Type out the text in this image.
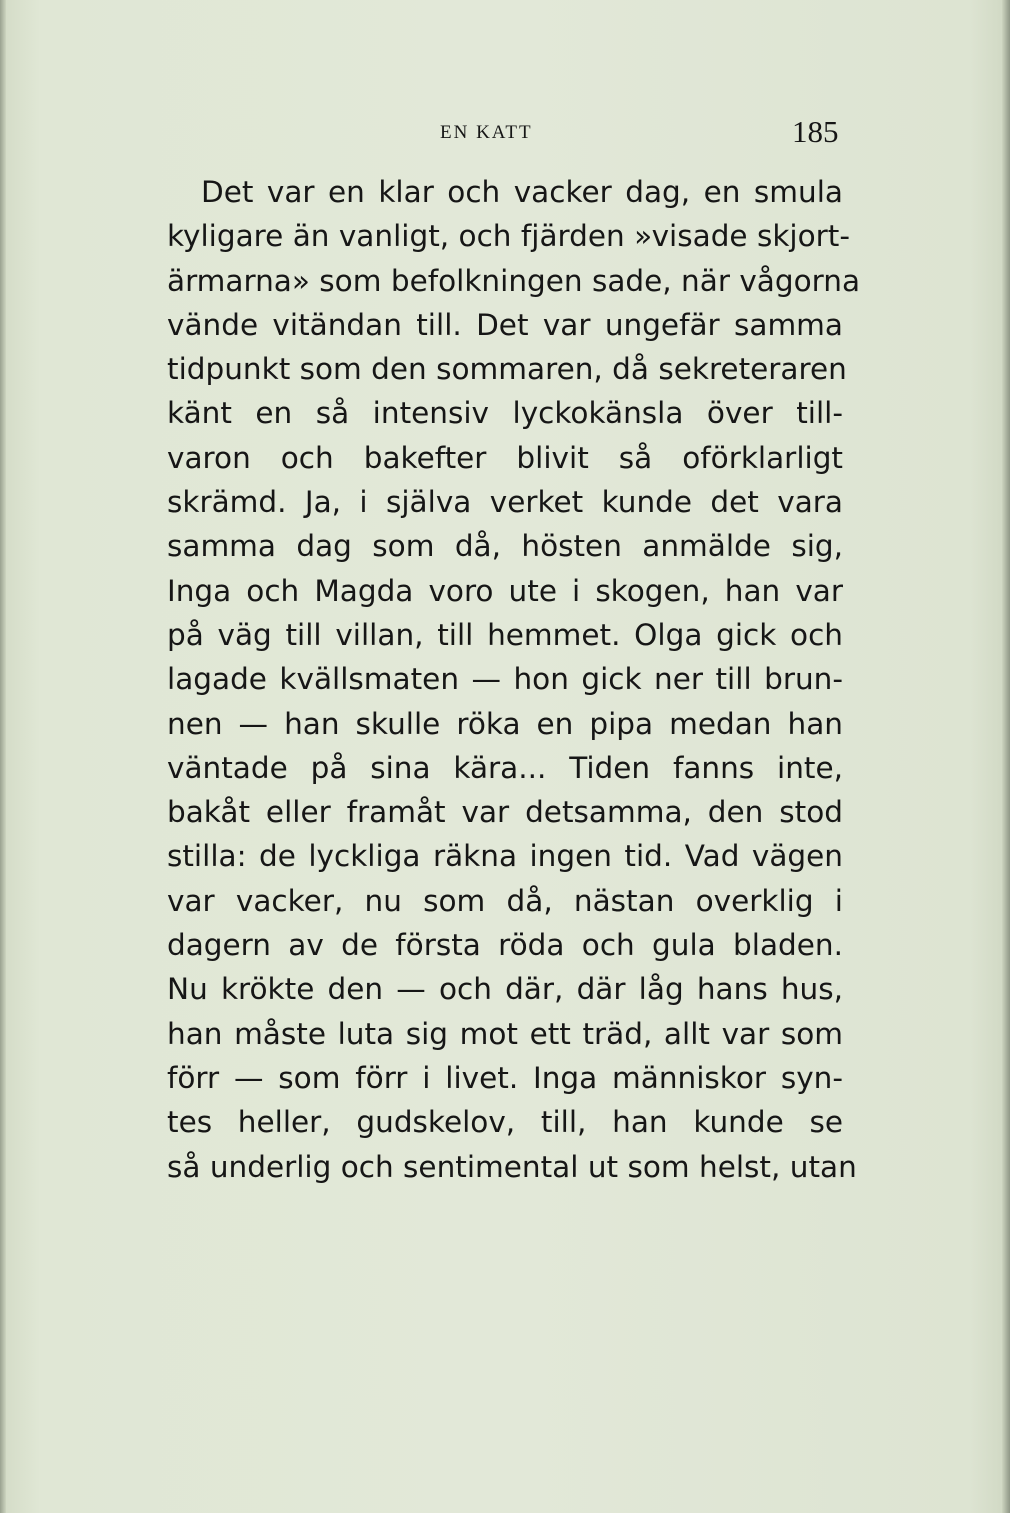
EN KATT	185
Det var en klar och vacker dag, en smula
kyligare än vanligt, och fjärden »visade skjort-
ärmarna» som befolkningen sade, när vågorna
vände vitändan till. Det var ungefär samma
tidpunkt som den sommaren, då sekreteraren
känt en så intensiv lyckokänsla över till-
varon och bakefter blivit så oförklarligt
skrämd. Ja, i själva verket kunde det vara
samma dag som då, hösten anmälde sig,
Inga och Magda voro ute i skogen, han var
på väg till villan, till hemmet. Olga gick och
lagade kvällsmaten — hon gick ner till brun-
nen — han skulle röka en pipa medan han
väntade på sina kära... Tiden fanns inte,
bakåt eller framåt var detsamma, den stod
stilla: de lyckliga räkna ingen tid. Vad vägen
var vacker, nu som då, nästan overklig i
dagern av de första röda och gula bladen.
Nu krökte den — och där, där låg hans hus,
han måste luta sig mot ett träd, allt var som
förr — som förr i livet. Inga människor syn-
tes heller, gudskelov, till, han kunde se
så underlig och sentimental ut som helst, utan
